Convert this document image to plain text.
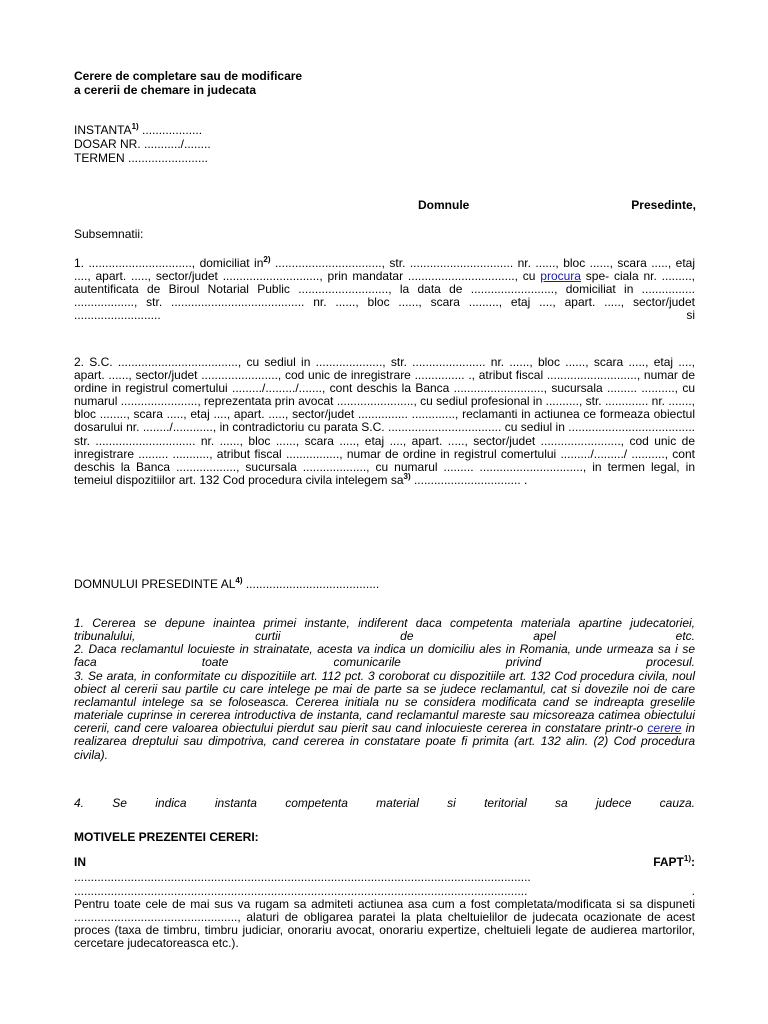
Cerere de completare sau de modificare
a cererii de chemare in judecata
INSTANTA$^{1)}$ ..................
DOSAR NR. .........../........
TERMEN ........................
Domnule	Presedinte,
Subsemnatii:

1. ..............................., domiciliat $in^{2)}$ ................................, str. ............................... nr. ......, bloc ......, scara ....., etaj ...., apart. ....., sector/judet ............................., prin mandatar ................................, cu procura spe- ciala nr. ........., autentificata de Biroul Notarial Public ..........................., la data de ........................., domiciliat in ................ .................., str. ........................................ nr. ......, bloc ......, scara ........., etaj ...., apart. ....., sector/judet .......................... si

2. S.C. ...................................., cu sediul in ...................., str. ...................... nr. ......, bloc ......, scara ....., etaj ...., apart. ......, sector/judet ......................., cod unic de inregistrare ............... ., atribut fiscal ..........................., numar de ordine in registrul comertului ........./........./......., cont deschis la Banca ..........................., sucursala ......... .........., cu numarul ......................., reprezentata prin avocat ......................., cu sediul profesional in .........., str. ............. nr. ......., bloc ........, scara ....., etaj ...., apart. ....., sector/judet ............... ............., reclamanti in actiunea ce formeaza obiectul dosarului nr. ......../............, in contradictoriu cu parata S.C. .................................. cu sediul in ...................................... str. .............................. nr. ......, bloc ......, scara ....., etaj ...., apart. ....., sector/judet ........................, cod unic de inregistrare ......... ..........., atribut fiscal ................, numar de ordine in registrul comertului ........./........./ .........., cont deschis la Banca .................., sucursala ..................., cu numarul ......... ..............................., in termen legal, in temeiul dispozitiilor art. 132 Cod procedura civila intelegem $sa^{3)}$ ................................ .

DOMNULUI PRESEDINTE AL$^{4)}$ ........................................

1. Cererea se depune inaintea primei instante, indiferent daca competenta materiala apartine judecatoriei, tribunalului, curtii de apel etc.

2. Daca reclamantul locuieste in strainatate, acesta va indica un domiciliu ales in Romania, unde urmeaza sa i se faca toate comunicarile privind procesul.

3. Se arata, in conformitate cu dispozitiile art. 112 pct. 3 coroborat cu dispozitiile art. 132 Cod procedura civila, noul obiect al cererii sau partile cu care intelege pe mai de parte sa se judece reclamantul, cat si dovezile noi de care reclamantul intelege sa se foloseasca. Cererea initiala nu se considera modificata cand se indreapta greselile materiale cuprinse in cererea introductiva de instanta, cand reclamantul mareste sau micsoreaza catimea obiectului cererii, cand cere valoarea obiectului pierdut sau pierit sau cand inlocuieste cererea in constatare printr-o cerere in realizarea dreptului sau dimpotriva, cand cererea in constatare poate fi primita (art. 132 alin. (2) Cod procedura civila).

4. Se indica instanta competenta material si teritorial sa judece cauza.

MOTIVELE PREZENTEI CERERI:
IN	FAPT$^{1)}$:
.........................................................................................................................................
........................................................................................................................................	.

Pentru toate cele de mai sus va rugam sa admiteti actiunea asa cum a fost completata/modificata si sa dispuneti ................................................., alaturi de obligarea paratei la plata cheltuielilor de judecata ocazionate de acest proces (taxa de timbru, timbru judiciar, onorariu avocat, onorariu expertize, cheltuieli legate de audierea martorilor, cercetare judecatoreasca etc.).
